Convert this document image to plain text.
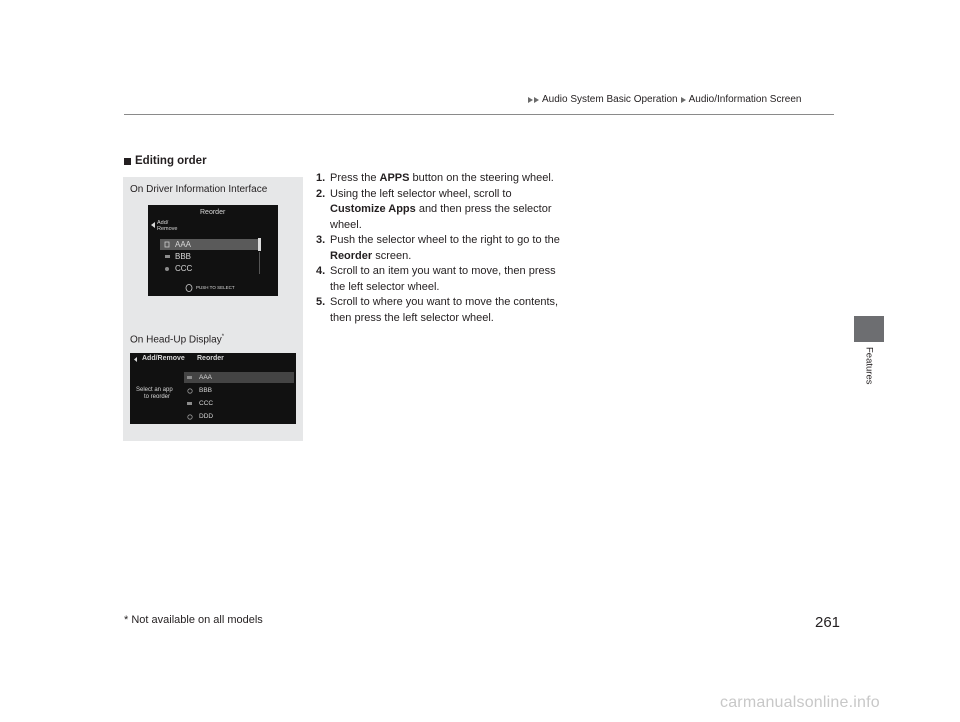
Audio System Basic Operation Audio/Information Screen
Features
Editing order
On Driver Information Interface
Reorder
Add/
Remove
AAA
BBB
CCC
PUSH TO SELECT
On Head-Up Display*
Add/Remove Reorder
Select an app
to reorder
AAA
BBB
CCC
DDD
1. Press the APPS button on the steering wheel.
2. Using the left selector wheel, scroll to Customize Apps and then press the selector wheel.
3. Push the selector wheel to the right to go to the Reorder screen.
4. Scroll to an item you want to move, then press the left selector wheel.
5. Scroll to where you want to move the contents, then press the left selector wheel.
* Not available on all models	261
carmanualsonline.info
